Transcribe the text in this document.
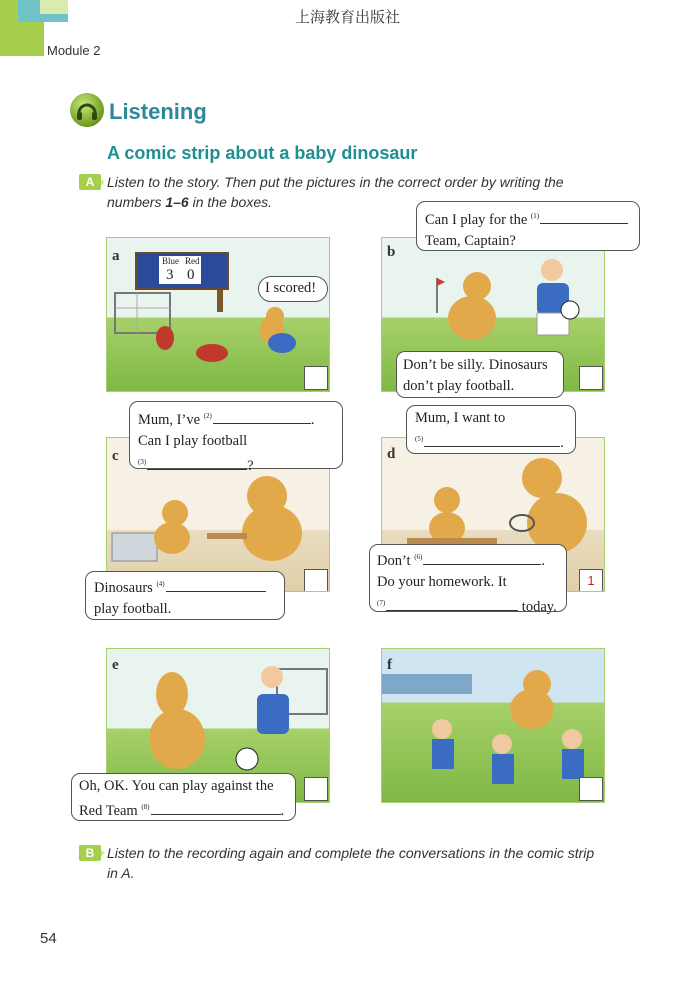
上海教育出版社
Module 2
Listening
A comic strip about a baby dinosaur
A Listen to the story. Then put the pictures in the correct order by writing the
numbers 1–6 in the boxes.
a	Blue Red
3 0
I scored!
b
Can I play for the $^{(1)}$
Team, Captain?
Don’t be silly. Dinosaurs
don’t play football.
c
Mum, I’ve $^{(2)}$	.
Can I play football
$^{(3)}$	?
Dinosaurs $^{(4)}$
play football.
d
1
Mum, I want to
$^{(5)}$	.
Don’t $^{(6)}$	.
Do your homework. It
$^{(7)}$	today.
e
Oh, OK. You can play against the
Red Team $^{(8)}$	.
f
B Listen to the recording again and complete the conversations in the comic strip
in A.
54
